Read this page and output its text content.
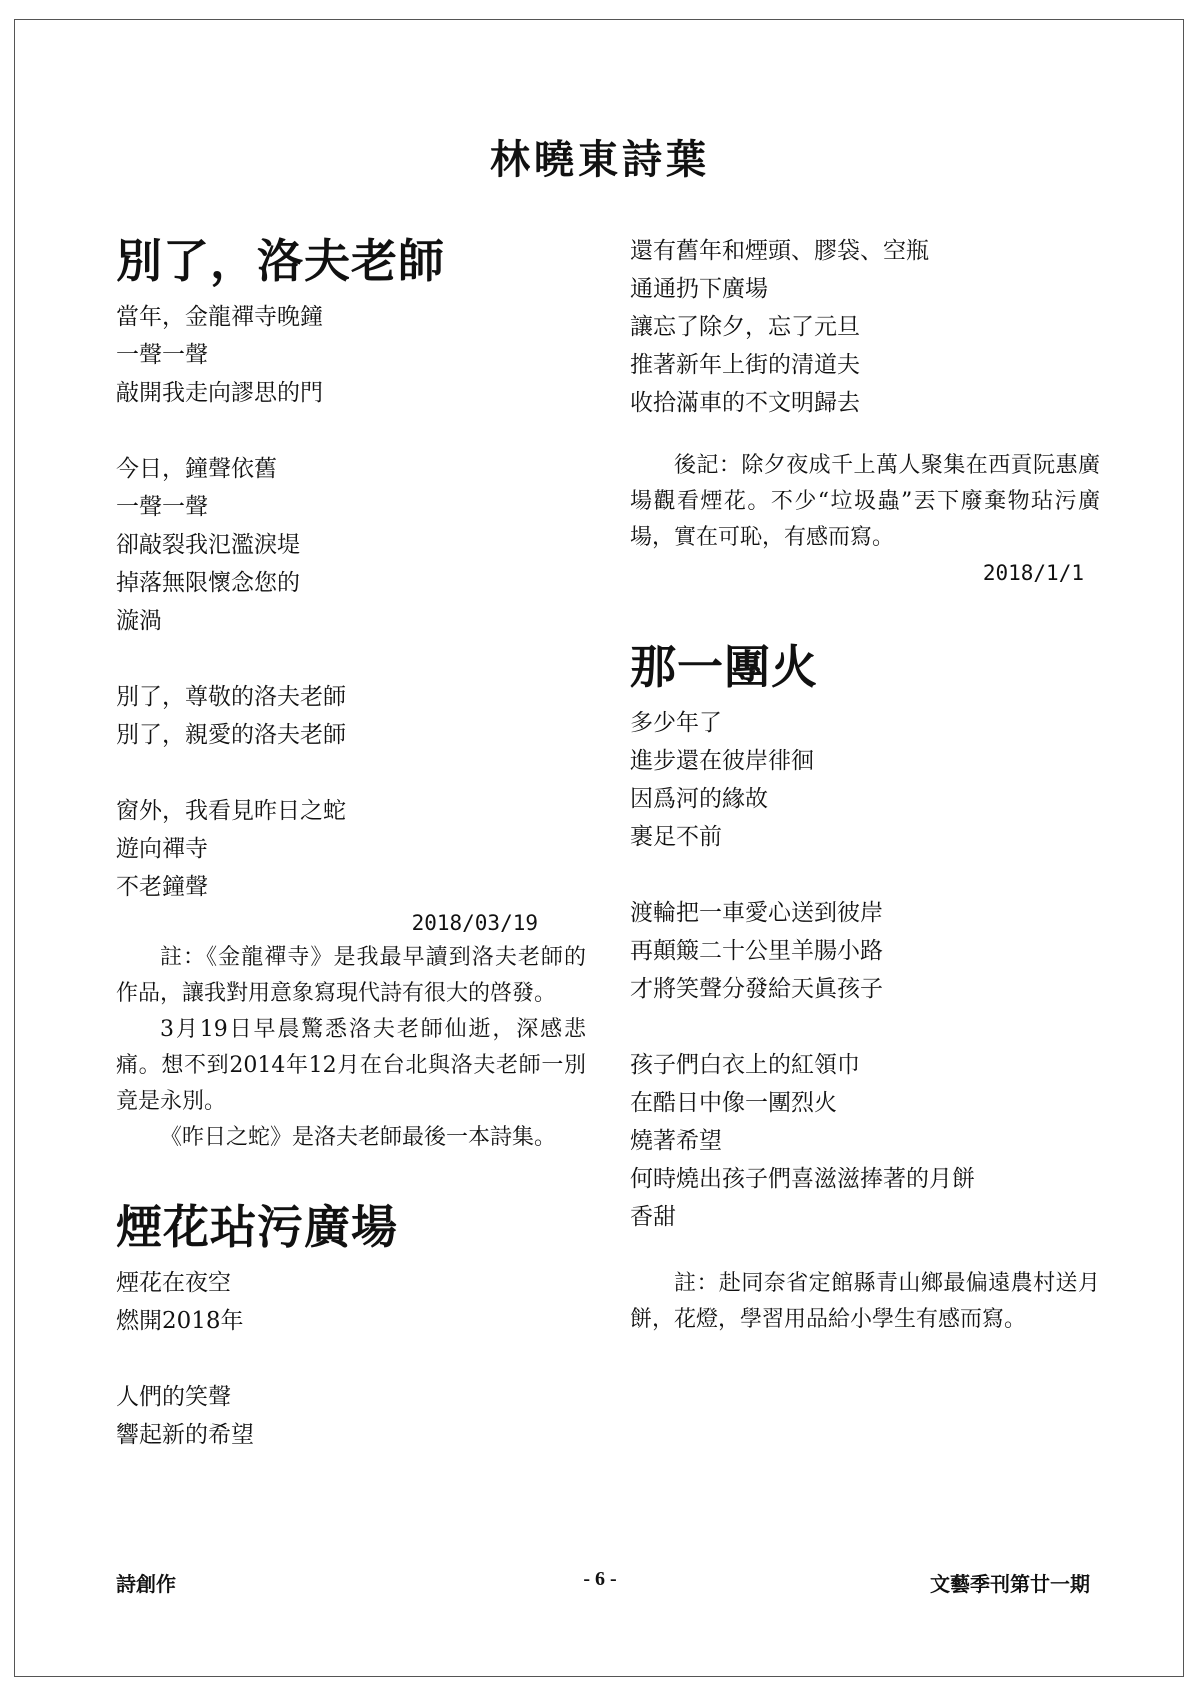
林曉東詩葉
別了，洛夫老師
當年，金龍禪寺晚鐘
一聲一聲
敲開我走向謬思的門
今日，鐘聲依舊
一聲一聲
卻敲裂我氾濫淚堤
掉落無限懷念您的
漩渦
別了，尊敬的洛夫老師
別了，親愛的洛夫老師
窗外，我看見昨日之蛇
遊向禪寺
不老鐘聲
2018/03/19

註：《金龍禪寺》是我最早讀到洛夫老師的作品，讓我對用意象寫現代詩有很大的啓發。

3月19日早晨驚悉洛夫老師仙逝，深感悲痛。想不到2014年12月在台北與洛夫老師一別竟是永別。

《昨日之蛇》是洛夫老師最後一本詩集。

煙花玷污廣場
煙花在夜空
燃開2018年
人們的笑聲
響起新的希望
還有舊年和煙頭、膠袋、空瓶
通通扔下廣場
讓忘了除夕，忘了元旦
推著新年上街的清道夫
收拾滿車的不文明歸去

後記：除夕夜成千上萬人聚集在西貢阮惠廣場觀看煙花。不少“垃圾蟲”丟下廢棄物玷污廣場，實在可恥，有感而寫。

2018/1/1
那一團火
多少年了
進步還在彼岸徘徊
因爲河的緣故
裹足不前
渡輪把一車愛心送到彼岸
再顛簸二十公里羊腸小路
才將笑聲分發給天眞孩子
孩子們白衣上的紅領巾
在酷日中像一團烈火
燒著希望
何時燒出孩子們喜滋滋捧著的月餅
香甜

註：赴同奈省定館縣青山鄉最偏遠農村送月餅，花燈，學習用品給小學生有感而寫。

詩創作	- 6 -	文藝季刊第廿一期
